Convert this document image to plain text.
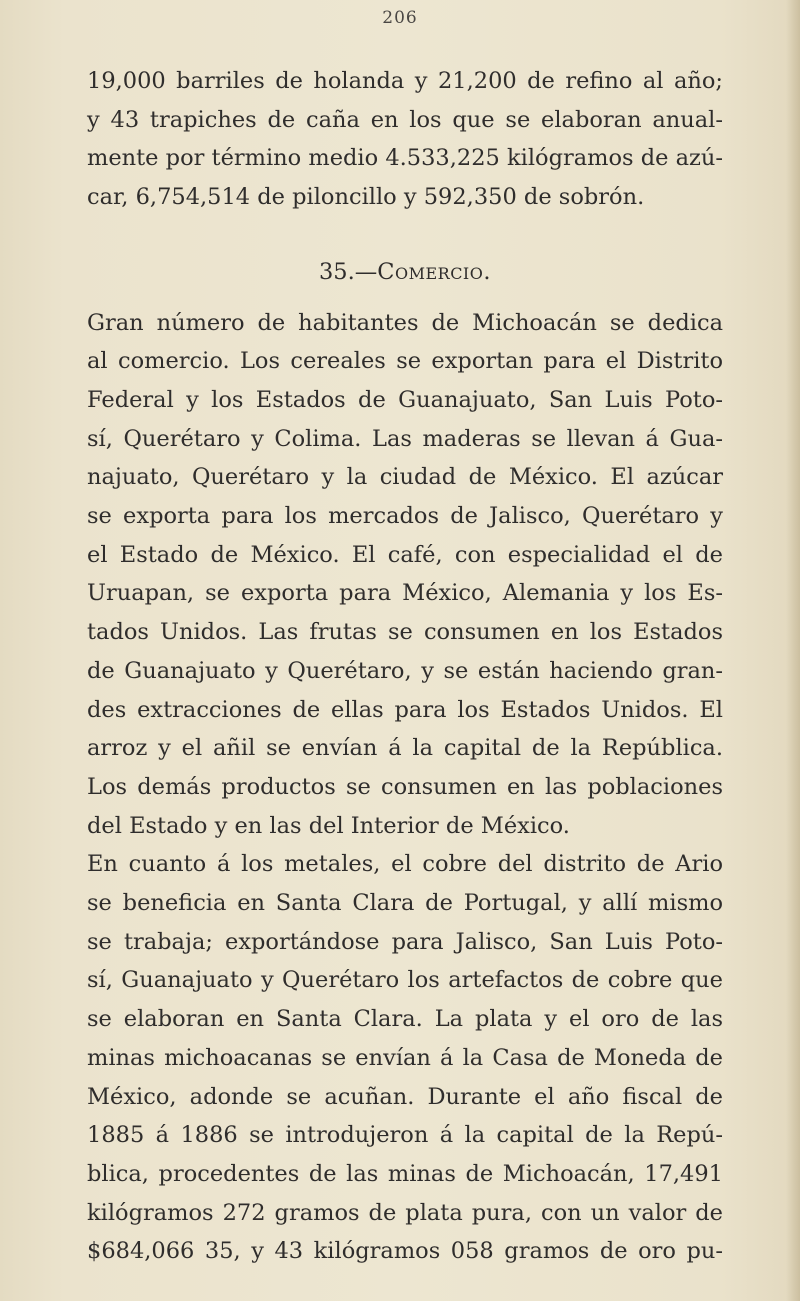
206
19,000 barriles de holanda y 21,200 de refino al año;
y 43 trapiches de caña en los que se elaboran anual-
mente por término medio 4.533,225 kilógramos de azú-
car, 6,754,514 de piloncillo y 592,350 de sobrón.
35.—Comercio.
Gran número de habitantes de Michoacán se dedica
al comercio. Los cereales se exportan para el Distrito
Federal y los Estados de Guanajuato, San Luis Poto-
sí, Querétaro y Colima. Las maderas se llevan á Gua-
najuato, Querétaro y la ciudad de México. El azúcar
se exporta para los mercados de Jalisco, Querétaro y
el Estado de México. El café, con especialidad el de
Uruapan, se exporta para México, Alemania y los Es-
tados Unidos. Las frutas se consumen en los Estados
de Guanajuato y Querétaro, y se están haciendo gran-
des extracciones de ellas para los Estados Unidos. El
arroz y el añil se envían á la capital de la República.
Los demás productos se consumen en las poblaciones
del Estado y en las del Interior de México.
En cuanto á los metales, el cobre del distrito de Ario
se beneficia en Santa Clara de Portugal, y allí mismo
se trabaja; exportándose para Jalisco, San Luis Poto-
sí, Guanajuato y Querétaro los artefactos de cobre que
se elaboran en Santa Clara. La plata y el oro de las
minas michoacanas se envían á la Casa de Moneda de
México, adonde se acuñan. Durante el año fiscal de
1885 á 1886 se introdujeron á la capital de la Repú-
blica, procedentes de las minas de Michoacán, 17,491
kilógramos 272 gramos de plata pura, con un valor de
$684,066 35, y 43 kilógramos 058 gramos de oro pu-
